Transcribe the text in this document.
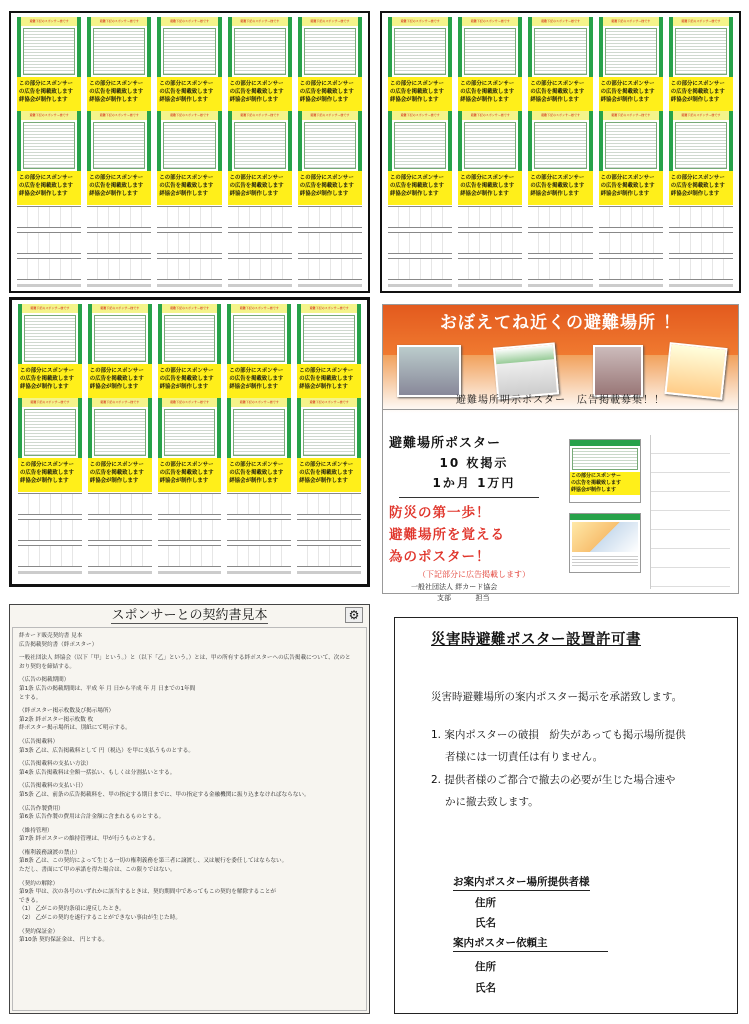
避難下記のスポンサー様です
この部分にスポンサー
の広告を掲載致します
絆協会が制作します
避難下記のスポンサー様です
この部分にスポンサー
の広告を掲載致します
絆協会が制作します
避難下記のスポンサー様です
この部分にスポンサー
の広告を掲載致します
絆協会が制作します
避難下記のスポンサー様です
この部分にスポンサー
の広告を掲載致します
絆協会が制作します
避難下記のスポンサー様です
この部分にスポンサー
の広告を掲載致します
絆協会が制作します
避難下記のスポンサー様です
この部分にスポンサー
の広告を掲載致します
絆協会が制作します
避難下記のスポンサー様です
この部分にスポンサー
の広告を掲載致します
絆協会が制作します
避難下記のスポンサー様です
この部分にスポンサー
の広告を掲載致します
絆協会が制作します
避難下記のスポンサー様です
この部分にスポンサー
の広告を掲載致します
絆協会が制作します
避難下記のスポンサー様です
この部分にスポンサー
の広告を掲載致します
絆協会が制作します
避難下記のスポンサー様です
この部分にスポンサー
の広告を掲載致します
絆協会が制作します
避難下記のスポンサー様です
この部分にスポンサー
の広告を掲載致します
絆協会が制作します
避難下記のスポンサー様です
この部分にスポンサー
の広告を掲載致します
絆協会が制作します
避難下記のスポンサー様です
この部分にスポンサー
の広告を掲載致します
絆協会が制作します
避難下記のスポンサー様です
この部分にスポンサー
の広告を掲載致します
絆協会が制作します
避難下記のスポンサー様です
この部分にスポンサー
の広告を掲載致します
絆協会が制作します
避難下記のスポンサー様です
この部分にスポンサー
の広告を掲載致します
絆協会が制作します
避難下記のスポンサー様です
この部分にスポンサー
の広告を掲載致します
絆協会が制作します
避難下記のスポンサー様です
この部分にスポンサー
の広告を掲載致します
絆協会が制作します
避難下記のスポンサー様です
この部分にスポンサー
の広告を掲載致します
絆協会が制作します
避難下記のスポンサー様です
この部分にスポンサー
の広告を掲載致します
絆協会が制作します
避難下記のスポンサー様です
この部分にスポンサー
の広告を掲載致します
絆協会が制作します
避難下記のスポンサー様です
この部分にスポンサー
の広告を掲載致します
絆協会が制作します
避難下記のスポンサー様です
この部分にスポンサー
の広告を掲載致します
絆協会が制作します
避難下記のスポンサー様です
この部分にスポンサー
の広告を掲載致します
絆協会が制作します
避難下記のスポンサー様です
この部分にスポンサー
の広告を掲載致します
絆協会が制作します
避難下記のスポンサー様です
この部分にスポンサー
の広告を掲載致します
絆協会が制作します
避難下記のスポンサー様です
この部分にスポンサー
の広告を掲載致します
絆協会が制作します
避難下記のスポンサー様です
この部分にスポンサー
の広告を掲載致します
絆協会が制作します
避難下記のスポンサー様です
この部分にスポンサー
の広告を掲載致します
絆協会が制作します
おぼえてね近くの避難場所 ！
避難場所明示ポスター　広告掲載募集！！
避難場所ポスター
10 枚掲示
1か月 1万円
防災の第一歩！
避難場所を覚える
為のポスター！
（下記部分に広告掲載します）
一般社団法人 絆カード協会
支部	担当
この部分にスポンサー
の広告を掲載致します
絆協会が制作します
スポンサーとの契約書見本	⚙

絆カード販売契約書 見本

広告掲載契約書（絆ポスター）

一般社団法人 絆協会（以下「甲」という。）と（以下「乙」という。）とは、甲の所有する絆ポスターへの広告掲載について、次のと

おり契約を締結する。

（広告の掲載期間）

第1条 広告の掲載期間は、平成 年 月 日から平成 年 月 日までの1年間

とする。

（絆ポスター掲示枚数及び掲示場所）

第2条 絆ポスター掲示枚数 枚

絆ポスター掲示場所は、別紙にて明示する。

（広告掲載料）

第3条 乙は、広告掲載料として 円（税込）を甲に支払うものとする。

（広告掲載料の支払い方法）

第4条 広告掲載料は全額一括払い、もしくは分割払いとする。

（広告掲載料の支払い日）

第5条 乙は、前条の広告掲載料を、甲の指定する期日までに、甲の指定する金融機関に振り込まなければならない。

（広告作製費用）

第6条 広告作製の費用は合計金額に含まれるものとする。

（維持管理）

第7条 絆ポスターの維持管理は、甲が行うものとする。

（権利義務譲渡の禁止）

第8条 乙は、この契約によって生じる一切の権利義務を第三者に譲渡し、又は履行を委任してはならない。

ただし、書面にて甲の承諾を得た場合は、この限りではない。

（契約の解除）

第9条 甲は、次の各号のいずれかに該当するときは、契約期間中であってもこの契約を解除することが

できる。

（1） 乙がこの契約条項に違反したとき。

（2） 乙がこの契約を遂行することができない事由が生じた時。

（契約保証金）

第10条 契約保証金は、 円とする。

災害時避難ポスター設置許可書
災害時避難場所の案内ポスター掲示を承諾致します。
1. 案内ポスターの破損　紛失があっても掲示場所提供
者様には一切責任は有りません。
2. 提供者様のご都合で撤去の必要が生じた場合速や
かに撤去致します。
お案内ポスター場所提供者様
住所
氏名
案内ポスター依頼主
住所
氏名
